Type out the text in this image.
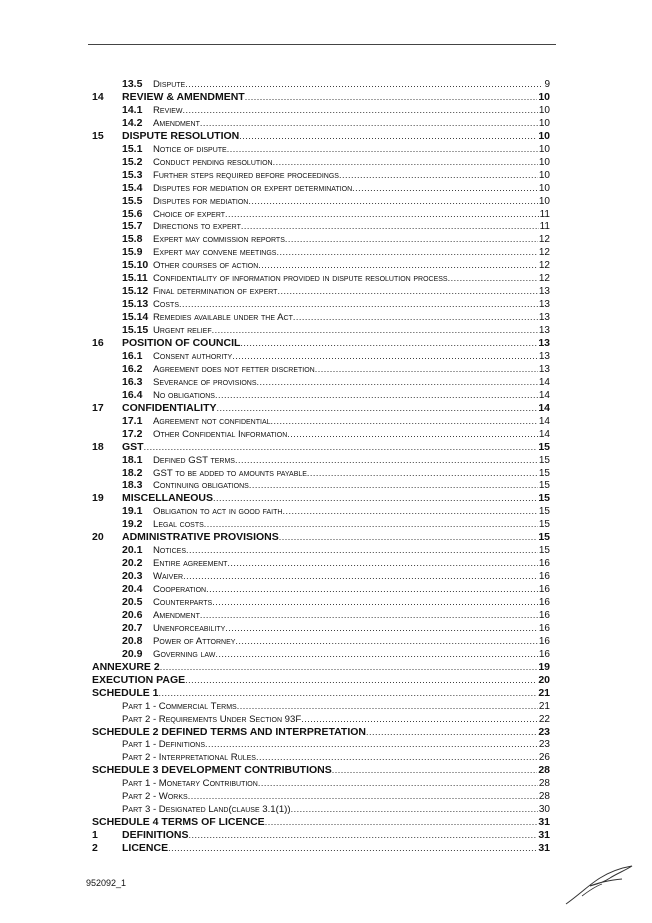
13.5 Dispute .....	9
14 REVIEW & AMENDMENT .....	10
14.1 Review .....	10
14.2 Amendment .....	10
15 DISPUTE RESOLUTION .....	10
15.1 Notice of dispute .....	10
15.2 Conduct pending resolution .....	10
15.3 Further steps required before proceedings .....	10
15.4 Disputes for mediation or expert determination .....	10
15.5 Disputes for mediation .....	10
15.6 Choice of expert .....	11
15.7 Directions to expert .....	11
15.8 Expert may commission reports .....	12
15.9 Expert may convene meetings .....	12
15.10 Other courses of action .....	12
15.11 Confidentiality of information provided in dispute resolution process .....	12
15.12 Final determination of expert .....	13
15.13 Costs .....	13
15.14 Remedies available under the Act .....	13
15.15 Urgent relief .....	13
16 POSITION OF COUNCIL .....	13
16.1 Consent authority .....	13
16.2 Agreement does not fetter discretion .....	13
16.3 Severance of provisions .....	14
16.4 No obligations .....	14
17 CONFIDENTIALITY .....	14
17.1 Agreement not confidential .....	14
17.2 Other Confidential Information .....	14
18 GST .....	15
18.1 Defined GST terms .....	15
18.2 GST to be added to amounts payable .....	15
18.3 Continuing obligations .....	15
19 MISCELLANEOUS .....	15
19.1 Obligation to act in good faith .....	15
19.2 Legal costs .....	15
20 ADMINISTRATIVE PROVISIONS .....	15
20.1 Notices .....	15
20.2 Entire agreement .....	16
20.3 Waiver .....	16
20.4 Cooperation .....	16
20.5 Counterparts .....	16
20.6 Amendment .....	16
20.7 Unenforceability .....	16
20.8 Power of Attorney .....	16
20.9 Governing law .....	16
ANNEXURE 2 .....	19
EXECUTION PAGE .....	20
SCHEDULE 1 .....	21
Part 1 - Commercial Terms .....	21
Part 2 - Requirements Under Section 93F .....	22
SCHEDULE 2 DEFINED TERMS AND INTERPRETATION .....	23
Part 1 - Definitions .....	23
Part 2 - Interpretational Rules .....	26
SCHEDULE 3 DEVELOPMENT CONTRIBUTIONS .....	28
Part 1 - Monetary Contribution .....	28
Part 2 - Works .....	28
Part 3 - Designated Land(clause 3.1(1)) .....	30
SCHEDULE 4 TERMS OF LICENCE .....	31
1 DEFINITIONS .....	31
2 LICENCE .....	31
952092_1
